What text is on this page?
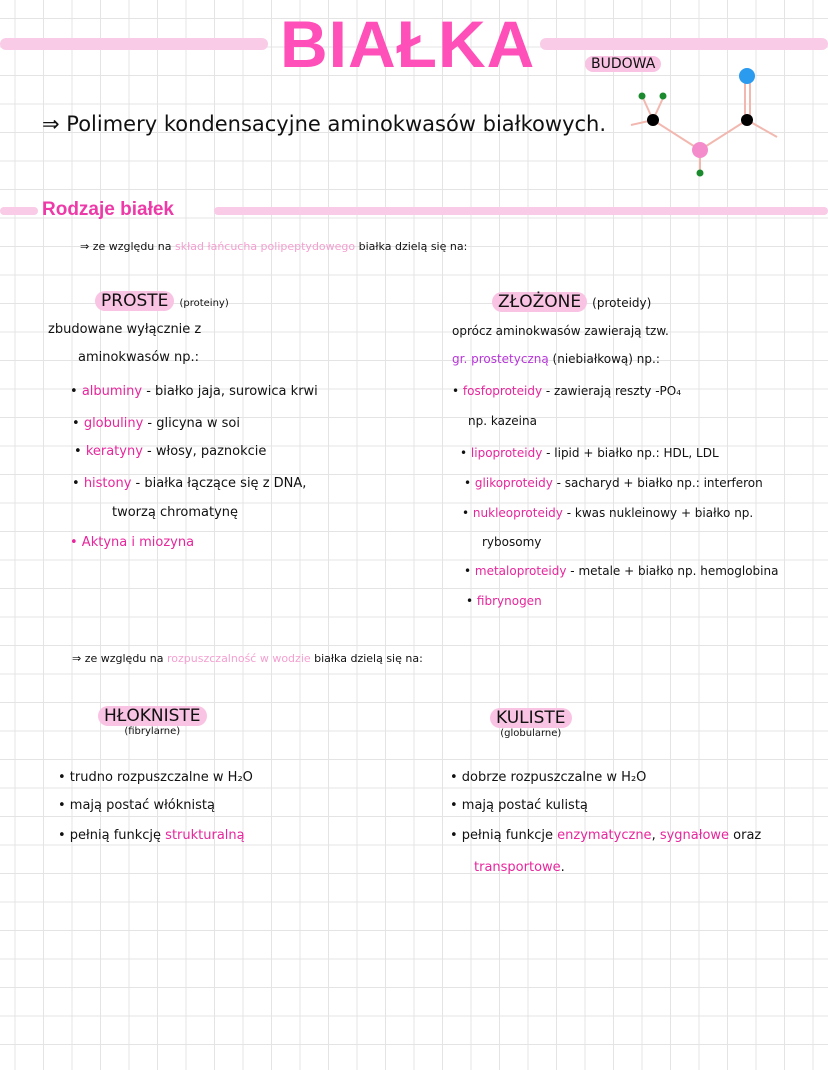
BIAŁKA	BUDOWA
⇒ Polimery kondensacyjne aminokwasów białkowych.
Rodzaje białek
⇒ ze względu na skład łańcucha polipeptydowego białka dzielą się na:
PROSTE (proteiny)
zbudowane wyłącznie z
aminokwasów np.:
• albuminy - białko jaja, surowica krwi
• globuliny - glicyna w soi
• keratyny - włosy, paznokcie
• histony - białka łączące się z DNA,
tworzą chromatynę
• Aktyna i miozyna
ZŁOŻONE (proteidy)
oprócz aminokwasów zawierają tzw.
gr. prostetyczną (niebiałkową) np.:
• fosfoproteidy - zawierają reszty -PO₄
np. kazeina
• lipoproteidy - lipid + białko np.: HDL, LDL
• glikoproteidy - sacharyd + białko np.: interferon
• nukleoproteidy - kwas nukleinowy + białko np.
rybosomy
• metaloproteidy - metale + białko np. hemoglobina
• fibrynogen
⇒ ze względu na rozpuszczalność w wodzie białka dzielą się na:
HŁOKNISTE
(fibrylarne)
• trudno rozpuszczalne w H₂O
• mają postać włóknistą
• pełnią funkcję strukturalną
KULISTE
(globularne)
• dobrze rozpuszczalne w H₂O
• mają postać kulistą
• pełnią funkcje enzymatyczne, sygnałowe oraz
transportowe.
